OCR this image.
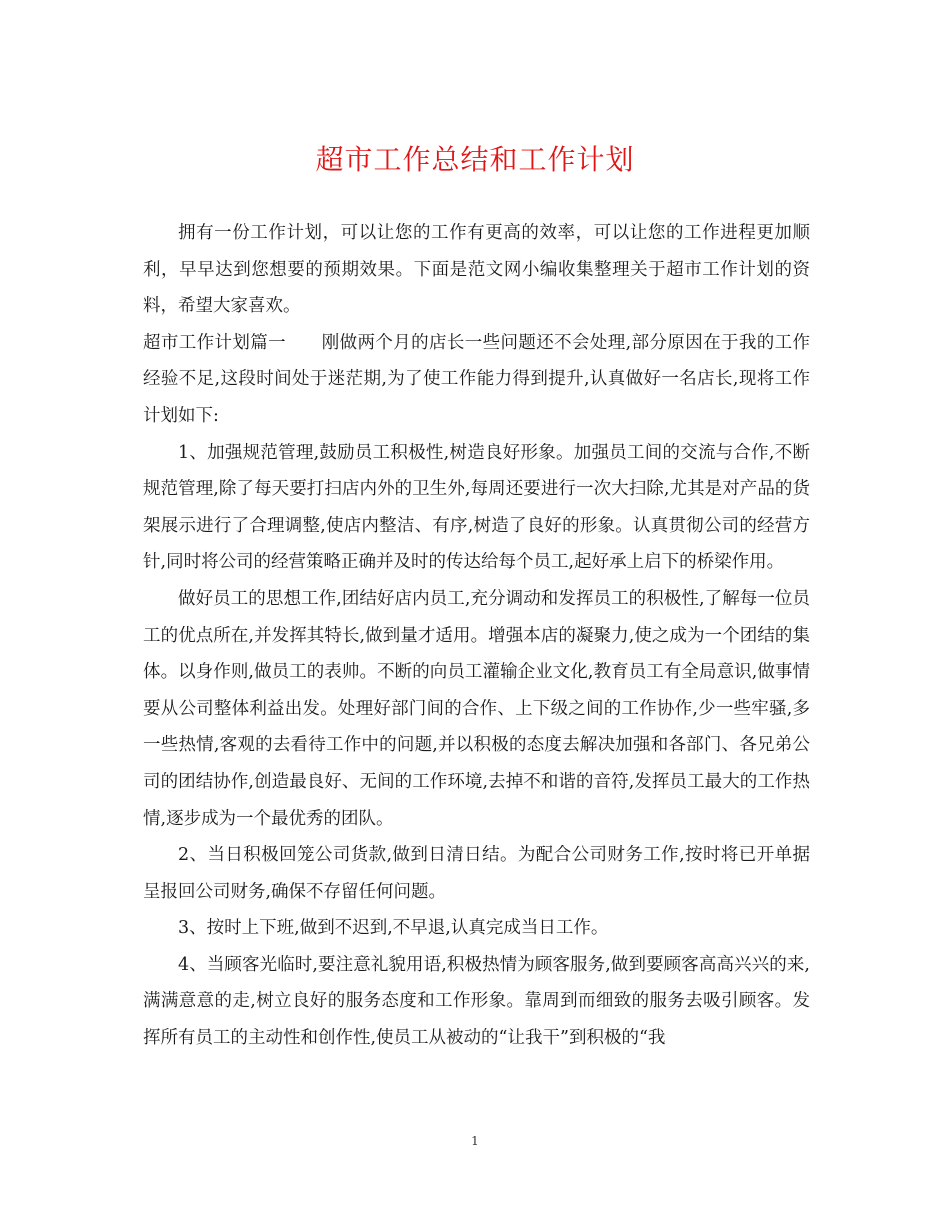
超市工作总结和工作计划

拥有一份工作计划，可以让您的工作有更高的效率，可以让您的工作进程更加顺利，早早达到您想要的预期效果。下面是范文网小编收集整理关于超市工作计划的资料，希望大家喜欢。

超市工作计划篇一　　刚做两个月的店长一些问题还不会处理,部分原因在于我的工作经验不足,这段时间处于迷茫期,为了使工作能力得到提升,认真做好一名店长,现将工作计划如下:

1、加强规范管理,鼓励员工积极性,树造良好形象。加强员工间的交流与合作,不断规范管理,除了每天要打扫店内外的卫生外,每周还要进行一次大扫除,尤其是对产品的货架展示进行了合理调整,使店内整洁、有序,树造了良好的形象。认真贯彻公司的经营方针,同时将公司的经营策略正确并及时的传达给每个员工,起好承上启下的桥梁作用。

做好员工的思想工作,团结好店内员工,充分调动和发挥员工的积极性,了解每一位员工的优点所在,并发挥其特长,做到量才适用。增强本店的凝聚力,使之成为一个团结的集体。以身作则,做员工的表帅。不断的向员工灌输企业文化,教育员工有全局意识,做事情要从公司整体利益出发。处理好部门间的合作、上下级之间的工作协作,少一些牢骚,多一些热情,客观的去看待工作中的问题,并以积极的态度去解决加强和各部门、各兄弟公司的团结协作,创造最良好、无间的工作环境,去掉不和谐的音符,发挥员工最大的工作热情,逐步成为一个最优秀的团队。

2、当日积极回笼公司货款,做到日清日结。为配合公司财务工作,按时将已开单据呈报回公司财务,确保不存留任何问题。

3、按时上下班,做到不迟到,不早退,认真完成当日工作。

4、当顾客光临时,要注意礼貌用语,积极热情为顾客服务,做到要顾客高高兴兴的来,满满意意的走,树立良好的服务态度和工作形象。靠周到而细致的服务去吸引顾客。发挥所有员工的主动性和创作性,使员工从被动的“让我干”到积极的“我

1
